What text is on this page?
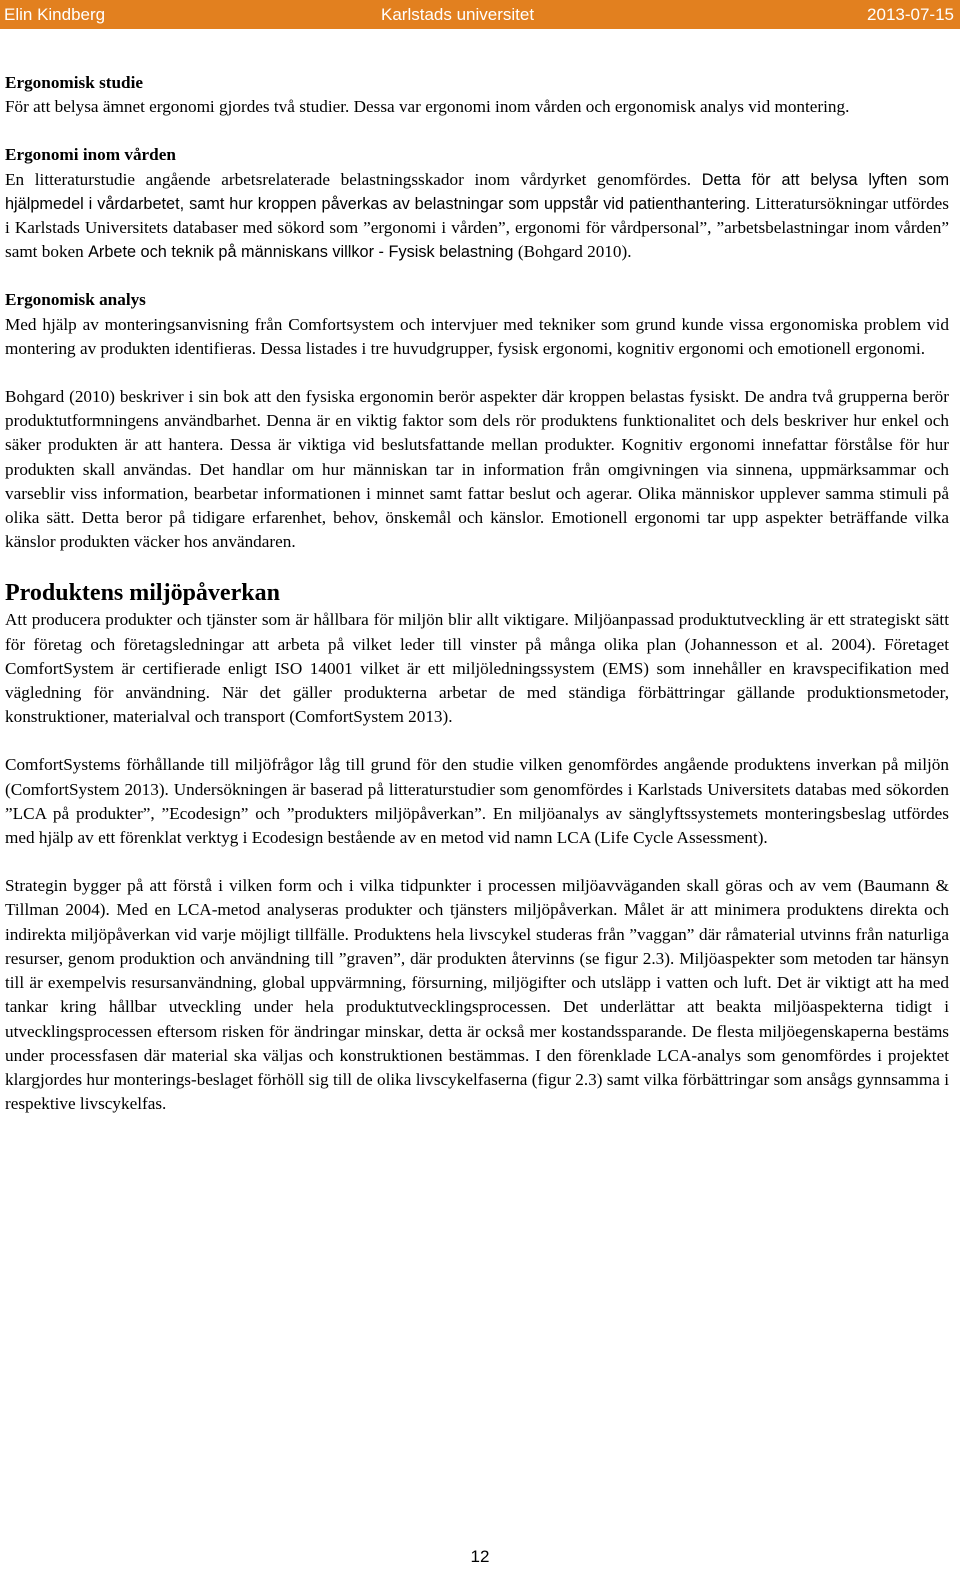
Elin Kindberg	Karlstads universitet	2013-07-15

Ergonomisk studie

För att belysa ämnet ergonomi gjordes två studier. Dessa var ergonomi inom vården och ergonomisk analys vid montering.

Ergonomi inom vården

En litteraturstudie angående arbetsrelaterade belastningsskador inom vårdyrket genomfördes. Detta för att belysa lyften som hjälpmedel i vårdarbetet, samt hur kroppen påverkas av belastningar som uppstår vid patienthantering. Litteratursökningar utfördes i Karlstads Universitets databaser med sökord som ”ergonomi i vården”, ergonomi för vårdpersonal”, ”arbetsbelastningar inom vården” samt boken Arbete och teknik på människans villkor - Fysisk belastning (Bohgard 2010).

Ergonomisk analys

Med hjälp av monteringsanvisning från Comfortsystem och intervjuer med tekniker som grund kunde vissa ergonomiska problem vid montering av produkten identifieras. Dessa listades i tre huvudgrupper, fysisk ergonomi, kognitiv ergonomi och emotionell ergonomi.

Bohgard (2010) beskriver i sin bok att den fysiska ergonomin berör aspekter där kroppen belastas fysiskt. De andra två grupperna berör produktutformningens användbarhet. Denna är en viktig faktor som dels rör produktens funktionalitet och dels beskriver hur enkel och säker produkten är att hantera. Dessa är viktiga vid beslutsfattande mellan produkter. Kognitiv ergonomi innefattar förstålse för hur produkten skall användas. Det handlar om hur människan tar in information från omgivningen via sinnena, uppmärksammar och varseblir viss information, bearbetar informationen i minnet samt fattar beslut och agerar. Olika människor upplever samma stimuli på olika sätt. Detta beror på tidigare erfarenhet, behov, önskemål och känslor. Emotionell ergonomi tar upp aspekter beträffande vilka känslor produkten väcker hos användaren.

Produktens miljöpåverkan

Att producera produkter och tjänster som är hållbara för miljön blir allt viktigare. Miljöanpassad produktutveckling är ett strategiskt sätt för företag och företagsledningar att arbeta på vilket leder till vinster på många olika plan (Johannesson et al. 2004). Företaget ComfortSystem är certifierade enligt ISO 14001 vilket är ett miljöledningssystem (EMS) som innehåller en kravspecifikation med vägledning för användning. När det gäller produkterna arbetar de med ständiga förbättringar gällande produktionsmetoder, konstruktioner, materialval och transport (ComfortSystem 2013).

ComfortSystems förhållande till miljöfrågor låg till grund för den studie vilken genomfördes angående produktens inverkan på miljön (ComfortSystem 2013). Undersökningen är baserad på litteraturstudier som genomfördes i Karlstads Universitets databas med sökorden ”LCA på produkter”, ”Ecodesign” och ”produkters miljöpåverkan”. En miljöanalys av sänglyftssystemets monteringsbeslag utfördes med hjälp av ett förenklat verktyg i Ecodesign bestående av en metod vid namn LCA (Life Cycle Assessment).

Strategin bygger på att förstå i vilken form och i vilka tidpunkter i processen miljöavväganden skall göras och av vem (Baumann & Tillman 2004). Med en LCA-metod analyseras produkter och tjänsters miljöpåverkan. Målet är att minimera produktens direkta och indirekta miljöpåverkan vid varje möjligt tillfälle. Produktens hela livscykel studeras från ”vaggan” där råmaterial utvinns från naturliga resurser, genom produktion och användning till ”graven”, där produkten återvinns (se figur 2.3). Miljöaspekter som metoden tar hänsyn till är exempelvis resursanvändning, global uppvärmning, försurning, miljögifter och utsläpp i vatten och luft. Det är viktigt att ha med tankar kring hållbar utveckling under hela produktutvecklingsprocessen. Det underlättar att beakta miljöaspekterna tidigt i utvecklingsprocessen eftersom risken för ändringar minskar, detta är också mer kostandssparande. De flesta miljöegenskaperna bestäms under processfasen där material ska väljas och konstruktionen bestämmas. I den förenklade LCA-analys som genomfördes i projektet klargjordes hur monterings-beslaget förhöll sig till de olika livscykelfaserna (figur 2.3) samt vilka förbättringar som ansågs gynnsamma i respektive livscykelfas.

12
